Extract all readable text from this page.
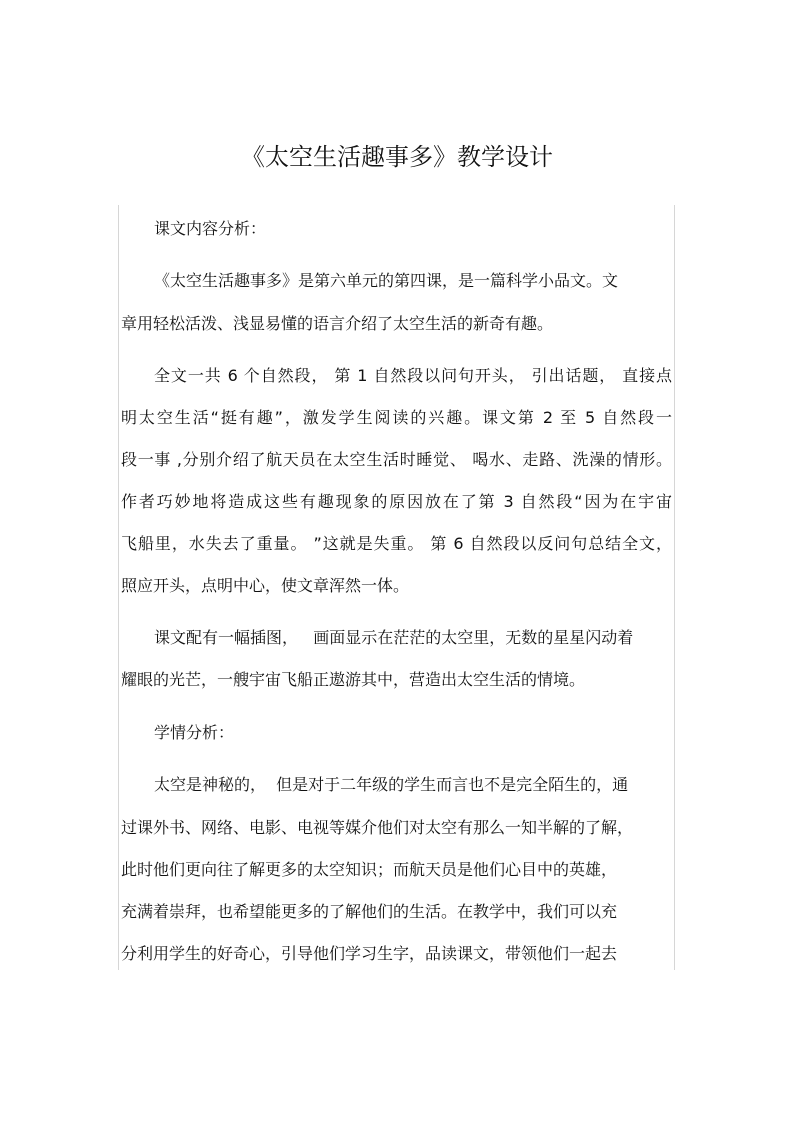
《太空生活趣事多》教学设计
课文内容分析：
《太空生活趣事多》是第六单元的第四课，是一篇科学小品文。文
章用轻松活泼、浅显易懂的语言介绍了太空生活的新奇有趣。
全文一共 6 个自然段， 第 1 自然段以问句开头， 引出话题， 直接点
明太空生活“挺有趣”，激发学生阅读的兴趣。课文第 2 至 5 自然段一
段一事 ,分别介绍了航天员在太空生活时睡觉、 喝水、走路、洗澡的情形。
作者巧妙地将造成这些有趣现象的原因放在了第 3 自然段“因为在宇宙
飞船里，水失去了重量。 ”这就是失重。 第 6 自然段以反问句总结全文，
照应开头，点明中心，使文章浑然一体。
课文配有一幅插图，   画面显示在茫茫的太空里，无数的星星闪动着
耀眼的光芒，一艘宇宙飞船正遨游其中，营造出太空生活的情境。
学情分析：
太空是神秘的，  但是对于二年级的学生而言也不是完全陌生的，通
过课外书、网络、电影、电视等媒介他们对太空有那么一知半解的了解，
此时他们更向往了解更多的太空知识；而航天员是他们心目中的英雄，
充满着崇拜，也希望能更多的了解他们的生活。在教学中，我们可以充
分利用学生的好奇心，引导他们学习生字，品读课文，带领他们一起去
